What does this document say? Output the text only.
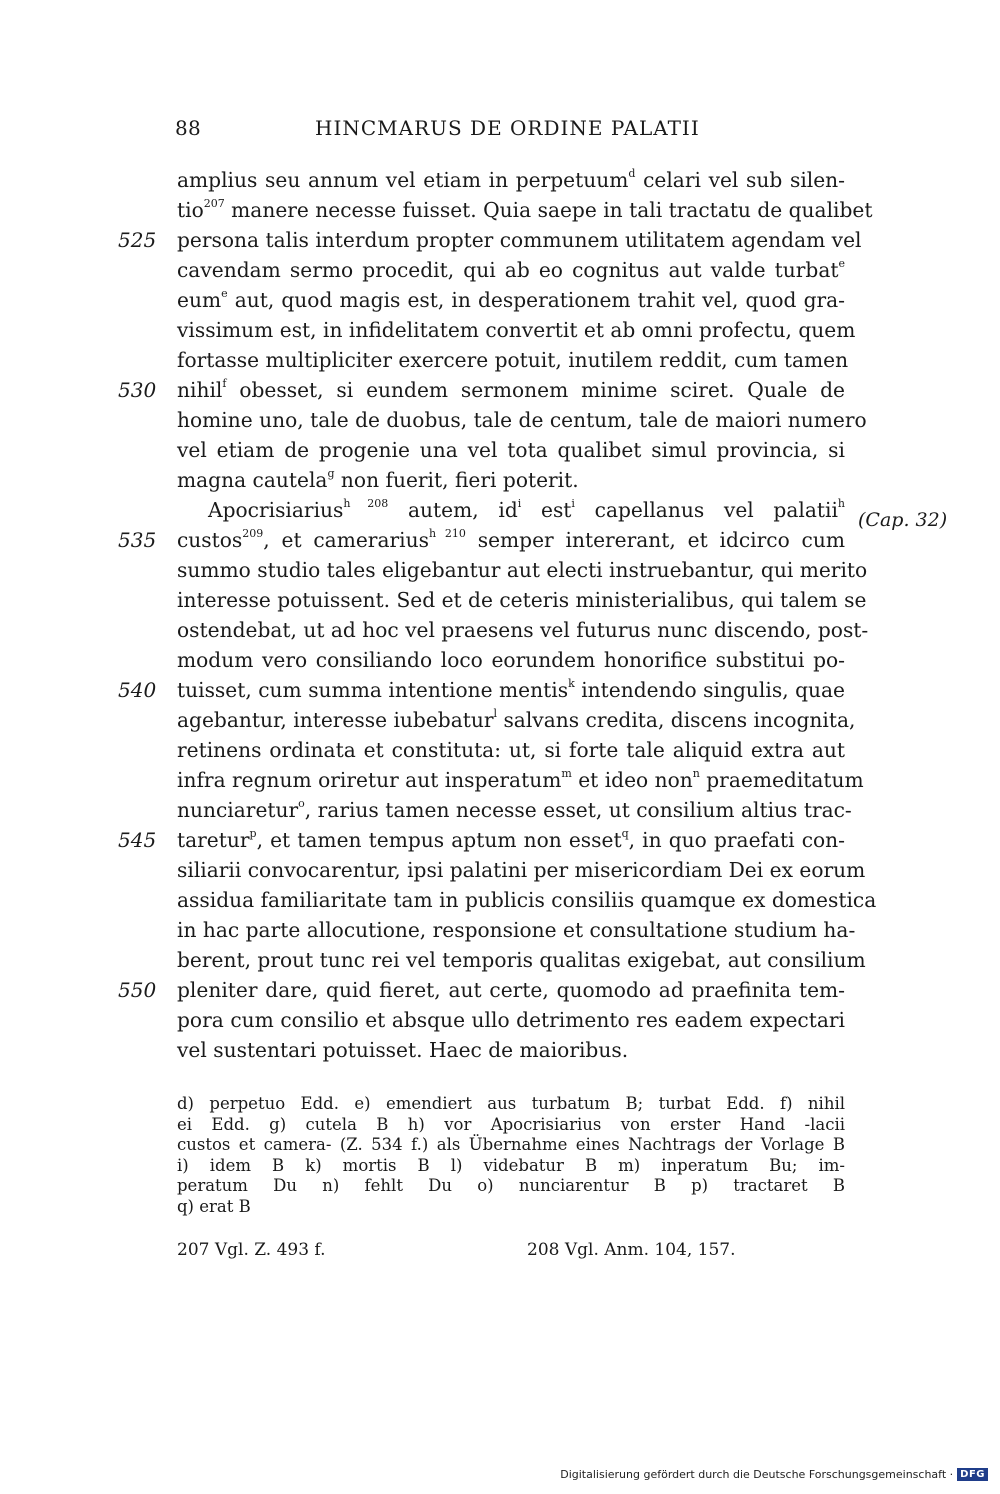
88	HINCMARUS DE ORDINE PALATII
amplius seu annum vel etiam in perpetuum$^d$ celari vel sub silen-
tio$^{207}$ manere necesse fuisset. Quia saepe in tali tractatu de qualibet
persona talis interdum propter communem utilitatem agendam vel
cavendam sermo procedit, qui ab eo cognitus aut valde turbat$^e$
eum$^e$ aut, quod magis est, in desperationem trahit vel, quod gra-
vissimum est, in infidelitatem convertit et ab omni profectu, quem
fortasse multipliciter exercere potuit, inutilem reddit, cum tamen
nihil$^f$ obesset, si eundem sermonem minime sciret. Quale de
homine uno, tale de duobus, tale de centum, tale de maiori numero
vel etiam de progenie una vel tota qualibet simul provincia, si
magna cautela$^g$ non fuerit, fieri poterit.
Apocrisiarius$^{h 208}$ autem, $id^i$ est$^i$ capellanus vel palatii$^h$
custos$^{209}$, et camerarius$^{h 210}$ semper intererant, et idcirco cum
summo studio tales eligebantur aut electi instruebantur, qui merito
interesse potuissent. Sed et de ceteris ministerialibus, qui talem se
ostendebat, ut ad hoc vel praesens vel futurus nunc discendo, post-
modum vero consiliando loco eorundem honorifice substitui po-
tuisset, cum summa intentione mentis$^k$ intendendo singulis, quae
agebantur, interesse iubebatur$^l$ salvans credita, discens incognita,
retinens ordinata et constituta: ut, si forte tale aliquid extra aut
infra regnum oriretur aut insperatum$^m$ et ideo non$^n$ praemeditatum
nunciaretur$^o$, rarius tamen necesse esset, ut consilium altius trac-
taretur$^p$, et tamen tempus aptum non esset$^q$, in quo praefati con-
siliarii convocarentur, ipsi palatini per misericordiam Dei ex eorum
assidua familiaritate tam in publicis consiliis quamque ex domestica
in hac parte allocutione, responsione et consultatione studium ha-
berent, prout tunc rei vel temporis qualitas exigebat, aut consilium
pleniter dare, quid fieret, aut certe, quomodo ad praefinita tem-
pora cum consilio et absque ullo detrimento res eadem expectari
vel sustentari potuisset. Haec de maioribus.
525
530
535
540
545
550
(Cap. 32)
d) perpetuo Edd. e) emendiert aus turbatum B; turbat Edd. f) nihil
ei Edd. g) cutela B h) vor Apocrisiarius von erster Hand -lacii
custos et camera- (Z. 534 f.) als Übernahme eines Nachtrags der Vorlage B
i) idem B k) mortis B l) videbatur B m) inperatum Bu; im-
peratum Du n) fehlt Du o) nunciarentur B p) tractaret B
q) erat B
207 Vgl. Z. 493 f.	208 Vgl. Anm. 104, 157.
Digitalisierung gefördert durch die Deutsche Forschungsgemeinschaft · DFG
